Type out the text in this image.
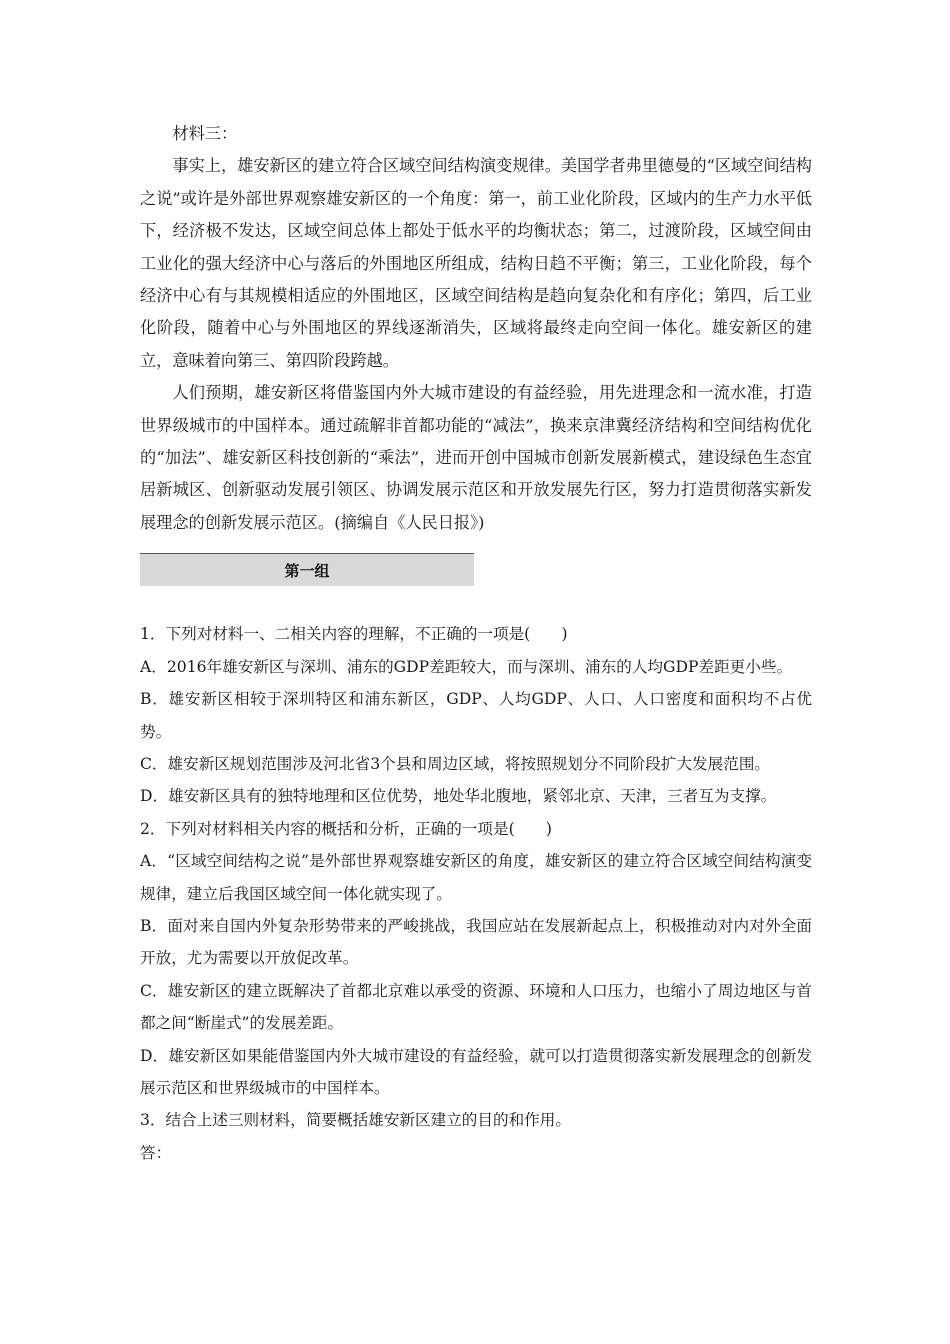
材料三：

事实上，雄安新区的建立符合区域空间结构演变规律。美国学者弗里德曼的“区域空间结构之说”或许是外部世界观察雄安新区的一个角度：第一，前工业化阶段，区域内的生产力水平低下，经济极不发达，区域空间总体上都处于低水平的均衡状态；第二，过渡阶段，区域空间由工业化的强大经济中心与落后的外围地区所组成，结构日趋不平衡；第三，工业化阶段，每个经济中心有与其规模相适应的外围地区，区域空间结构是趋向复杂化和有序化；第四，后工业化阶段，随着中心与外围地区的界线逐渐消失，区域将最终走向空间一体化。雄安新区的建立，意味着向第三、第四阶段跨越。

人们预期，雄安新区将借鉴国内外大城市建设的有益经验，用先进理念和一流水准，打造世界级城市的中国样本。通过疏解非首都功能的“减法”，换来京津冀经济结构和空间结构优化的“加法”、雄安新区科技创新的“乘法”，进而开创中国城市创新发展新模式，建设绿色生态宜居新城区、创新驱动发展引领区、协调发展示范区和开放发展先行区，努力打造贯彻落实新发展理念的创新发展示范区。(摘编自《人民日报》)

第一组

1．下列对材料一、二相关内容的理解，不正确的一项是(　　)

A．2016年雄安新区与深圳、浦东的GDP差距较大，而与深圳、浦东的人均GDP差距更小些。

B．雄安新区相较于深圳特区和浦东新区，GDP、人均GDP、人口、人口密度和面积均不占优势。

C．雄安新区规划范围涉及河北省3个县和周边区域，将按照规划分不同阶段扩大发展范围。

D．雄安新区具有的独特地理和区位优势，地处华北腹地，紧邻北京、天津，三者互为支撑。

2．下列对材料相关内容的概括和分析，正确的一项是(　　)

A．“区域空间结构之说”是外部世界观察雄安新区的角度，雄安新区的建立符合区域空间结构演变规律，建立后我国区域空间一体化就实现了。

B．面对来自国内外复杂形势带来的严峻挑战，我国应站在发展新起点上，积极推动对内对外全面开放，尤为需要以开放促改革。

C．雄安新区的建立既解决了首都北京难以承受的资源、环境和人口压力，也缩小了周边地区与首都之间“断崖式”的发展差距。

D．雄安新区如果能借鉴国内外大城市建设的有益经验，就可以打造贯彻落实新发展理念的创新发展示范区和世界级城市的中国样本。

3．结合上述三则材料，简要概括雄安新区建立的目的和作用。

答：
